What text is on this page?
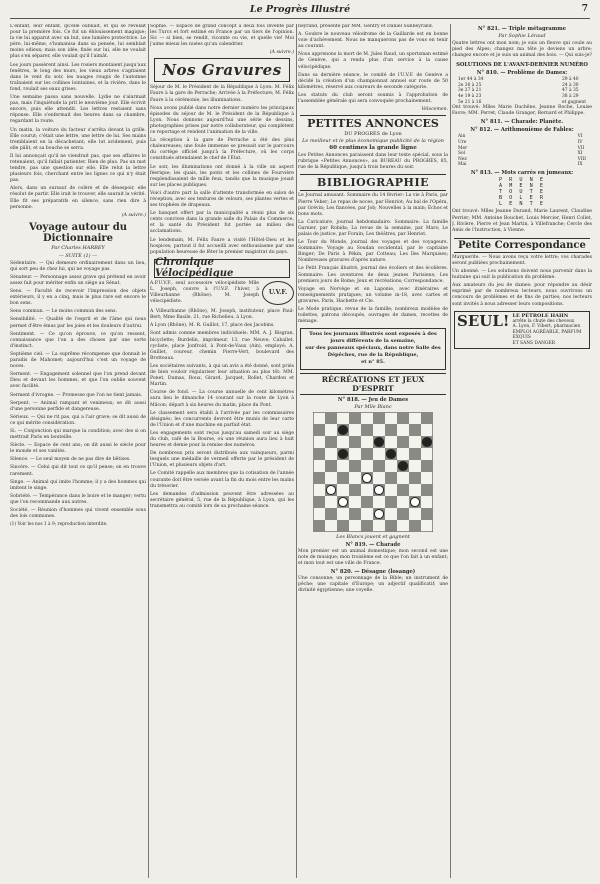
Le Progrès Illustré	7

L'enfant, leur enfant, qu'elle oubliait, et qui se révélait pour la première fois. Ce fut un éblouissement magique; la vie lui apparut avec un but, une lumière protectrice. Le père, lui-même, s'humanisa dans sa pensée, lui semblait moins odieux; mais son idée, fixée sur lui, elle ne voulait plus s'en séparer, elle voulait qu'il l'aimât.

Les jours passèrent ainsi. Les rosiers montaient jusqu'aux fenêtres, le long des murs, les vieux arbres s'agitaient dans le vent du soir, les nuages rougis de l'automne traînaient sur les collines lointaines, et la rivière, dans le fond, roulait ses eaux grises.

Une semaine passa sans nouvelle. Lydie ne s'alarmait pas, mais l'inquiétude la prit le neuvième jour. Elle écrivit encore, puis elle attendit. Les lettres restaient sans réponse. Elle s'enfermait des heures dans sa chambre, regardant la route.

Un matin, la voiture du facteur s'arrêta devant la grille. Elle courut; c'était une lettre, une lettre de lui. Ses mains tremblaient en la décachetant; elle lut avidement, puis elle pâlit, et sa bouche se serra.

Il lui annonçait qu'il ne viendrait pas, que ses affaires le retenaient, qu'il fallait patienter. Rien de plus. Pas un mot tendre, pas une question sur elle. Elle relut la lettre plusieurs fois, cherchant entre les lignes ce qui n'y était pas.

Alors, dans un sursaut de colère et de désespoir, elle résolut de partir. Elle irait le trouver, elle saurait la vérité. Elle fit ses préparatifs en silence, sans rien dire à personne.

(A suivre.)

Voyage autour du Dictionnaire

Par Charles HARBEY

— SUITE (1) —

Sédentaire. — Qui demeure ordinairement dans un lieu, qui sort peu de chez lui, qui ne voyage pas.

Sénateur. — Personnage assez grave qui prétend en avoir assez fait pour mériter enfin un siège au Sénat.

Sens. — Faculté de recevoir l'impression des objets extérieurs, il y en a cinq, mais le plus rare est encore le bon sens.

Sens commun. — Le moins commun des sens.

Sensibilité. — Qualité de l'esprit et de l'âme qui nous permet d'être émus par les joies et les douleurs d'autrui.

Sentiment. — Ce qu'on éprouve, ce qu'on ressent, connaissance que l'on a des choses par une sorte d'instinct.

Septième ciel. — La suprême récompense que donnait le paradis de Mahomet; aujourd'hui c'est un voyage de noces.

Serment. — Engagement solennel que l'on prend devant Dieu et devant les hommes, et que l'on oublie souvent avec facilité.

Serment d'ivrogne. — Promesse que l'on ne tient jamais.

Serpent. — Animal rampant et venimeux; se dit aussi d'une personne perfide et dangereuse.

Sérieux. — Qui ne rit pas, qui a l'air grave; se dit aussi de ce qui mérite considération.

Si. — Conjonction qui marque la condition; avec des si on mettrait Paris en bouteille.

Siècle. — Espace de cent ans; on dit aussi le siècle pour le monde et ses vanités.

Silence. — Le seul moyen de ne pas dire de bêtises.

Sincère. — Celui qui dit tout ce qu'il pense; on en trouve rarement.

Singe. — Animal qui imite l'homme; il y a des hommes qui imitent le singe.

Sobriété. — Tempérance dans le boire et le manger; vertu que l'on recommande aux autres.

Société. — Réunion d'hommes qui vivent ensemble sous des lois communes.

(1) Voir les nos 1 à 9; reproduction interdite.

Sophie. — Espace de grand concept à deux fois inventé par les Turcs et fort estimé en France par un tiers de l'opinion. Sic — si bien, se rendit, vicomte ou vie, et quelle vie! Moi j'aime mieux les nuées qu'un calendrier.

(A suivre.)

Nos Gravures

Séjour de M. le Président de la République à Lyon: M. Félix Faure à la gare de Perrache; Arrivée à la Préfecture; M. Félix Faure à la cérémonie, les illuminations.

Nous avons publié dans notre dernier numéro les principaux épisodes du séjour de M. le Président de la République à Lyon. Nous donnons aujourd'hui une série de dessins, photographies prises par notre collaborateur, qui complètent ce reportage et rendent l'animation de la ville.

La réception à la gare de Perrache a été des plus chaleureuses; une foule immense se pressait sur le parcours du cortège officiel jusqu'à la Préfecture, où les corps constitués attendaient le chef de l'État.

Le soir, les illuminations ont donné à la ville un aspect féerique; les quais, les ponts et les collines de Fourvière resplendissaient de mille feux, tandis que la musique jouait sur les places publiques.

Voici d'autre part la salle d'attente transformée en salon de réception, avec ses tentures de velours, ses plantes vertes et ses trophées de drapeaux.

Le banquet offert par la municipalité a réuni plus de six cents convives dans la grande salle du Palais du Commerce, et la santé du Président fut portée au milieu des acclamations.

Le lendemain, M. Félix Faure a visité l'Hôtel-Dieu et les hospices; partout il fut accueilli avec enthousiasme par une population heureuse de fêter le premier magistrat du pays.

Chronique Vélocipédique

A.P.U.V.F., seul accessoire vélocipédiste Mlle L. Joseph, couvre à l'U.V.F. l'hiver, à Villeurbanne (Rhône). M. Joseph vélocipédiste.

U.V.F.

A Villeurbanne (Rhône), M. Joseph, instituteur, place Paul-Bert; Mme Basile, 21, rue Richelieu, à Lyon.

A Lyon (Rhône), M. R. Guillot, 17, place des Jacobins.

Sont admis comme membres individuels: MM. A. J. Bisgran, bicyclette; Burdelin, imprimeur, 13, rue Neuve; Caballet, cycliste, place Jonfroid, à Pont-de-Vaux (Ain), employé; A. Guillet, coureur, chemin Pierre-Vert, boulevard des Brotteaux.

Les sociétaires suivants, à qui un avis a été donné, sont priés de bien vouloir régulariser leur situation au plus tôt: MM. Ponet, Dumas, Roux, Girard, Jacquet, Rollet, Chardon et Martin.

Course de fond. — La course annuelle de cent kilomètres aura lieu le dimanche 14 courant sur la route de Lyon à Mâcon; départ à six heures du matin, place du Pont.

Le classement sera établi à l'arrivée par les commissaires désignés; les concurrents devront être munis de leur carte de l'Union et d'une machine en parfait état.

Les engagements sont reçus jusqu'au samedi soir au siège du club, café de la Bourse, où une réunion aura lieu à huit heures et demie pour la remise des numéros.

De nombreux prix seront distribués aux vainqueurs, parmi lesquels une médaille de vermeil offerte par le président de l'Union, et plusieurs objets d'art.

Le Comité rappelle aux membres que la cotisation de l'année courante doit être versée avant la fin du mois entre les mains du trésorier.

Les demandes d'admission peuvent être adressées au secrétaire général, 5, rue de la République, à Lyon, qui les transmettra au comité lors de sa prochaine séance.

beyrand, présenté par MM. Gentry et Daniel Sunbeyrand.

A. Goubre le nouveau vélodrome de la Gaillarde est en bonne voie d'achèvement. Nous ne manquerons pas de vous en tenir au courant.

Nous apprenons la mort de M. Jules Raud, un sportsman estimé de Genève, qui a rendu plus d'un service à la cause vélocipédique.

Dans sa dernière séance, le comité de l'U.V.F. de Genève a décidé la création d'un championnat annuel sur route de 50 kilomètres, réservé aux coureurs de seconde catégorie.

Les statuts du club seront soumis à l'approbation de l'assemblée générale qui sera convoquée prochainement.

Vélocemen.

PETITES ANNONCES

DU PROGRÈS de Lyon

Le meilleur et le plus économique publicité de la région

60 centimes la grande ligne

Les Petites Annonces paraissent dans leur texte spécial, sous la rubrique «Petites Annonces», au BUREAU du PROGRÈS, 85, rue de la République, jusqu'à trois heures du soir.

BIBLIOGRAPHIE

Le Journal amusant. Sommaire du 14 février: La vie à Paris, par Pierre Veber; Le repas de noces, par Henriot; Au bal de l'Opéra, par Grévin; Les fiancées, par Job; Nouvelles à la main; Échos et bons mots.

La Caricature, journal hebdomadaire. Sommaire: La famille Garnier, par Robida; La revue de la semaine, par Mars; Le palais de justice, par Forain; Les théâtres, par Henriot.

Le Tour du Monde, journal des voyages et des voyageurs. Sommaire: Voyage au Soudan occidental, par le capitaine Binger; De Paris à Pékin, par Cotteau; Les îles Marquises; Nombreuses gravures d'après nature.

Le Petit Français illustré, journal des écoliers et des écolières. Sommaire: Les aventures de deux jeunes Parisiens; Les premiers jours de Rome; Jeux et récréations; Correspondance.

Voyage en Norvège et en Laponie, avec itinéraires et renseignements pratiques; un volume in-18, avec cartes et gravures. Paris, Hachette et Cie.

Le Mode pratique, revue de la famille; nombreux modèles de toilettes, patrons découpés, ouvrages de dames, recettes de ménage.

Tous les journaux illustrés sont exposés à des jours différents de la semaine,

sur des panneaux spéciaux, dans notre Salle des Dépêches, rue de la République,

et n° 85.

RÉCRÉATIONS ET JEUX D'ESPRIT

N° 818. — Jeu de Dames

Par Mlle Blanc

Les Blancs jouent et gagnent

N° 819. — Charade

Mon premier est un animal domestique; mon second est une note de musique; mon troisième est ce que l'on fait à un enfant; et mon tout est une ville de France.

N° 820. — Désagne (losange)

Une consonne; un personnage de la Bible; un instrument de pêche; une capitale d'Europe; un adjectif qualificatif; une divinité égyptienne; une voyelle.

N° 821. — Triple métagramme

Par Sophie Léraud

Quatre lettres ont mon nom; je suis un fleuve qui coule au pied des Alpes; changez ma tête je deviens un arbre; changez encore et je suis un animal des bois. — Qui suis-je?

SOLUTIONS DE L'AVANT-DERNIER NUMÉRO

N° 810. — Problème de Dames:

1er 44 à 34
2e 30 à 25
3e 27 à 21
4e 19 à 23
5e 21 à 16
29 à 40
24 à 30
47 à 35
38 à 29
et gagnent

Ont trouvé: Mlles Marie Duchêne, Jeanne Roche, Louise Favre; MM. Perret, Claude Granger, Bernard et Philippe.

N° 811. — Charade: Planète.

N° 812. — Arithmonième de Fables:

Ain
Ure
Mer
Sol
Nez
Mai
VI
IV
VII
XI
VIII
IX

N° 813. — Mots carrés en jumeaux:

P R U N E
A M E N E
T O U T E
B O L E R
L E N T E

Ont trouvé: Mlles Jeanne Durand, Marie Laurent, Claudine Perrier; MM. Antoine Bouchet, Louis Mercier, Henri Collet, J. Rivière, Pierre et Jean Martin, à Villefranche; Cercle des Amis de l'Instruction, à Vienne.

Petite Correspondance

Marguerite. — Nous avons reçu votre lettre; vos charades seront publiées prochainement.

Un abonné. — Les solutions doivent nous parvenir dans la huitaine qui suit la publication du problème.

Aux amateurs du jeu de dames: pour répondre au désir exprimé par de nombreux lecteurs, nous ouvrirons un concours de problèmes et de fins de parties; nos lecteurs sont invités à nous adresser leurs compositions.

SEUL! LE PÉTROLE HAHN
arrête la chute des cheveux
A. Lyon, F. Vibert, pharmacien
EMPLOI AGRÉABLE, PARFUM EXQUIS
ET SANS DANGER
